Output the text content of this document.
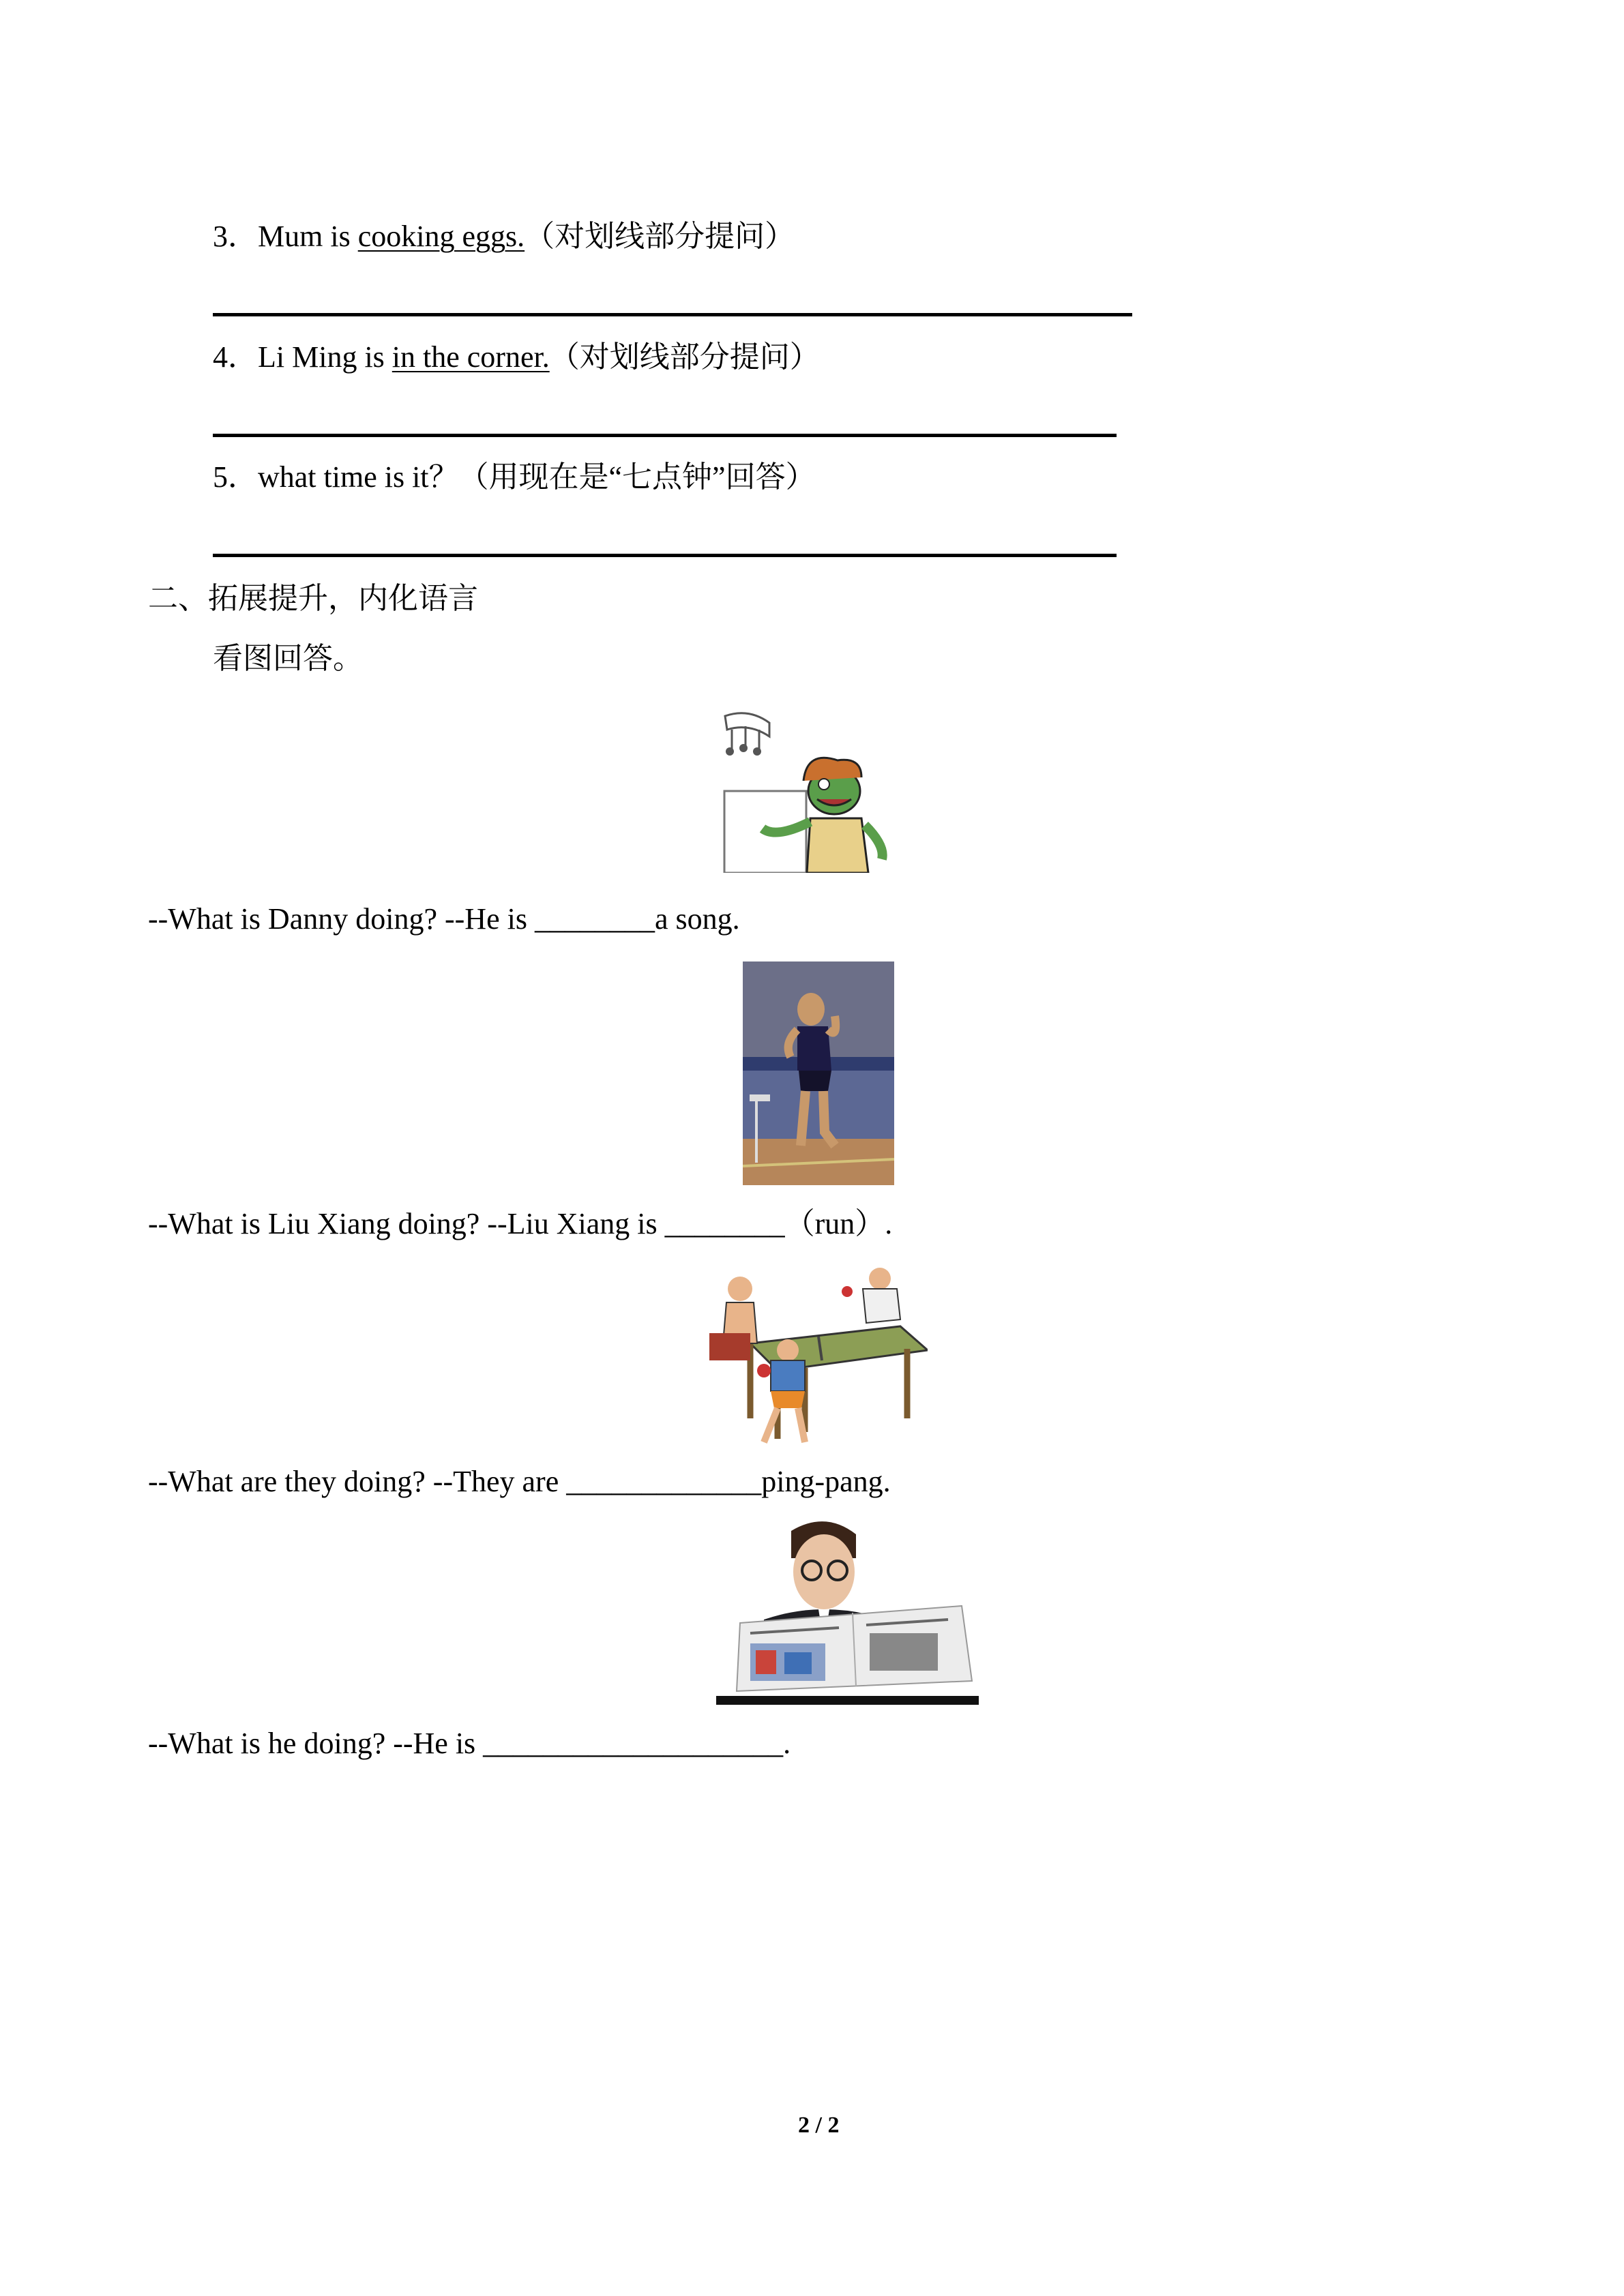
3．Mum is cooking eggs.（对划线部分提问）
4．Li Ming is in the corner.（对划线部分提问）
5．what time is it？（用现在是“七点钟”回答）
二、拓展提升，内化语言
看图回答。
--What is Danny doing? --He is ________a song.
--What is Liu Xiang doing? --Liu Xiang is ________（run）.
--What are they doing? --They are _____________ping-pang.
--What is he doing? --He is ____________________.
2 / 2
